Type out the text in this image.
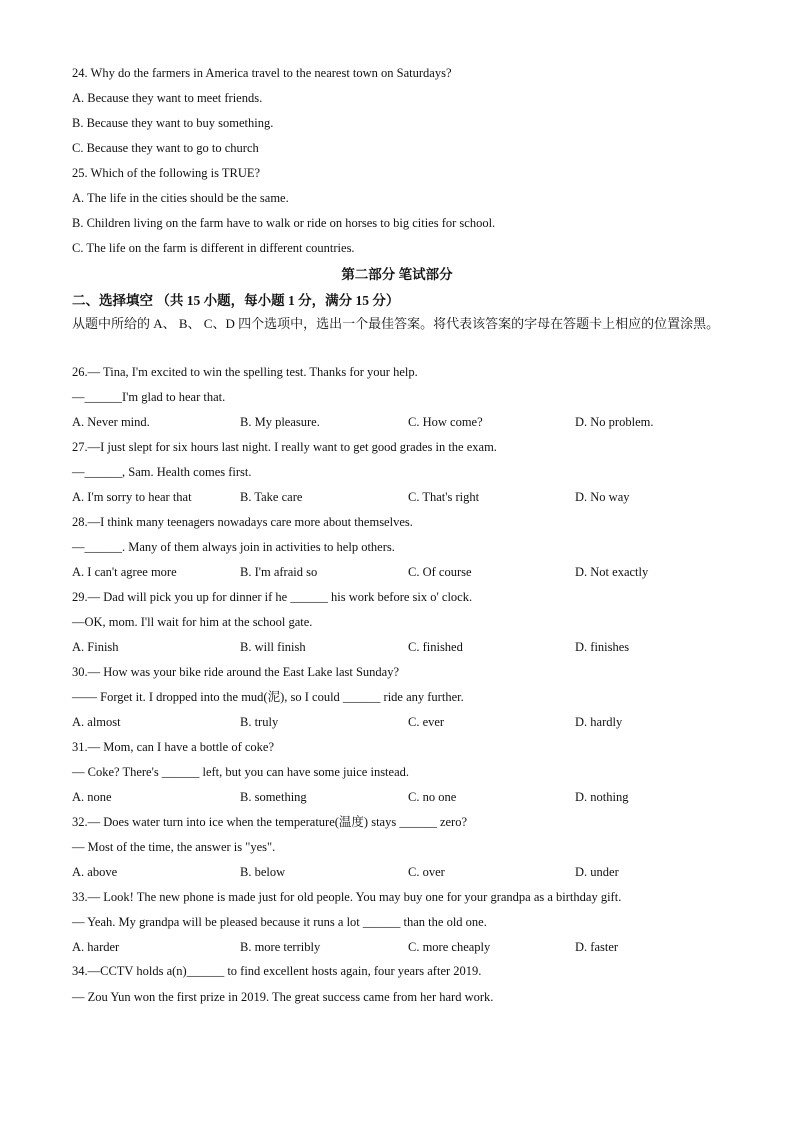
24. Why do the farmers in America travel to the nearest town on Saturdays?
A. Because they want to meet friends.
B. Because they want to buy something.
C. Because they want to go to church
25. Which of the following is TRUE?
A. The life in the cities should be the same.
B. Children living on the farm have to walk or ride on horses to big cities for school.
C. The life on the farm is different in different countries.
第二部分 笔试部分
二、选择填空 （共 15 小题，每小题 1 分，满分 15 分）
从题中所给的 A、 B、 C、D 四个选项中，选出一个最佳答案。将代表该答案的字母在答题卡上相应的位置涂黑。
26.— Tina, I'm excited to win the spelling test. Thanks for your help.
—______I'm glad to hear that.
A. Never mind.	B. My pleasure.	C. How come?	D. No problem.
27.—I just slept for six hours last night. I really want to get good grades in the exam.
—______, Sam. Health comes first.
A. I'm sorry to hear that	B. Take care	C. That's right	D. No way
28.—I think many teenagers nowadays care more about themselves.
—______. Many of them always join in activities to help others.
A. I can't agree more	B. I'm afraid so	C. Of course	D. Not exactly
29.— Dad will pick you up for dinner if he ______ his work before six o' clock.
—OK, mom. I'll wait for him at the school gate.
A. Finish	B. will finish	C. finished	D. finishes
30.— How was your bike ride around the East Lake last Sunday?
—— Forget it. I dropped into the mud(泥), so I could ______ ride any further.
A. almost	B. truly	C. ever	D. hardly
31.— Mom, can I have a bottle of coke?
— Coke? There's ______ left, but you can have some juice instead.
A. none	B. something	C. no one	D. nothing
32.— Does water turn into ice when the temperature(温度) stays ______ zero?
— Most of the time, the answer is "yes".
A. above	B. below	C. over	D. under
33.— Look! The new phone is made just for old people. You may buy one for your grandpa as a birthday gift.
— Yeah. My grandpa will be pleased because it runs a lot ______ than the old one.
A. harder	B. more terribly	C. more cheaply	D. faster
34.—CCTV holds a(n)______ to find excellent hosts again, four years after 2019.
— Zou Yun won the first prize in 2019. The great success came from her hard work.
